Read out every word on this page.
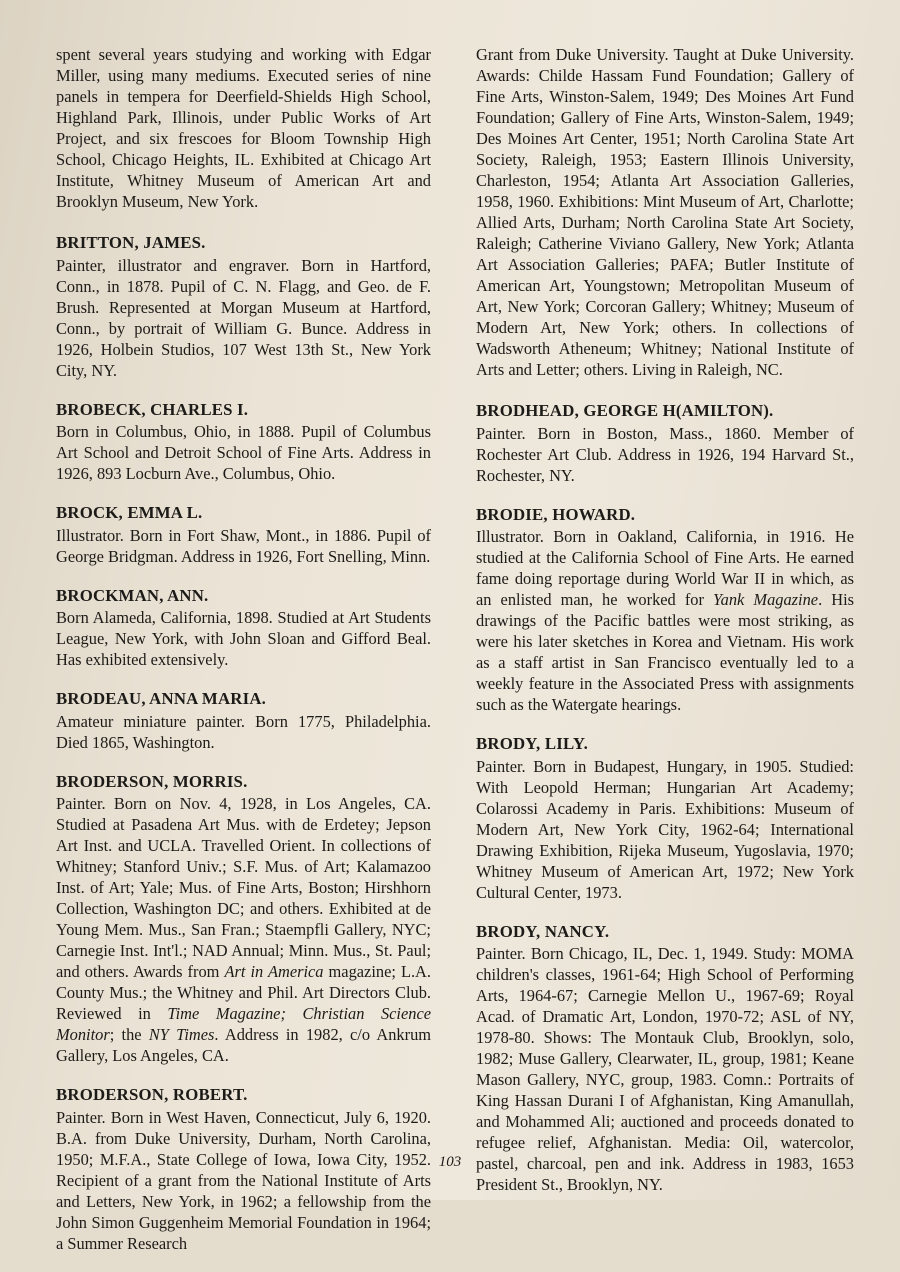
spent several years studying and working with Edgar Miller, using many mediums. Executed series of nine panels in tempera for Deerfield-Shields High School, Highland Park, Illinois, under Public Works of Art Project, and six frescoes for Bloom Township High School, Chicago Heights, IL. Exhibited at Chicago Art Institute, Whitney Museum of American Art and Brooklyn Museum, New York.

BRITTON, JAMES.

Painter, illustrator and engraver. Born in Hartford, Conn., in 1878. Pupil of C. N. Flagg, and Geo. de F. Brush. Represented at Morgan Museum at Hartford, Conn., by portrait of William G. Bunce. Address in 1926, Holbein Studios, 107 West 13th St., New York City, NY.

BROBECK, CHARLES I.

Born in Columbus, Ohio, in 1888. Pupil of Columbus Art School and Detroit School of Fine Arts. Address in 1926, 893 Locburn Ave., Columbus, Ohio.

BROCK, EMMA L.

Illustrator. Born in Fort Shaw, Mont., in 1886. Pupil of George Bridgman. Address in 1926, Fort Snelling, Minn.

BROCKMAN, ANN.

Born Alameda, California, 1898. Studied at Art Students League, New York, with John Sloan and Gifford Beal. Has exhibited extensively.

BRODEAU, ANNA MARIA.

Amateur miniature painter. Born 1775, Philadelphia. Died 1865, Washington.

BRODERSON, MORRIS.

Painter. Born on Nov. 4, 1928, in Los Angeles, CA. Studied at Pasadena Art Mus. with de Erdetey; Jepson Art Inst. and UCLA. Travelled Orient. In collections of Whitney; Stanford Univ.; S.F. Mus. of Art; Kalamazoo Inst. of Art; Yale; Mus. of Fine Arts, Boston; Hirshhorn Collection, Washington DC; and others. Exhibited at de Young Mem. Mus., San Fran.; Staempfli Gallery, NYC; Carnegie Inst. Int'l.; NAD Annual; Minn. Mus., St. Paul; and others. Awards from Art in America magazine; L.A. County Mus.; the Whitney and Phil. Art Directors Club. Reviewed in Time Magazine; Christian Science Monitor; the NY Times. Address in 1982, c/o Ankrum Gallery, Los Angeles, CA.

BRODERSON, ROBERT.

Painter. Born in West Haven, Connecticut, July 6, 1920. B.A. from Duke University, Durham, North Carolina, 1950; M.F.A., State College of Iowa, Iowa City, 1952. Recipient of a grant from the National Institute of Arts and Letters, New York, in 1962; a fellowship from the John Simon Guggenheim Memorial Foundation in 1964; a Summer Research

Grant from Duke University. Taught at Duke University. Awards: Childe Hassam Fund Foundation; Gallery of Fine Arts, Winston-Salem, 1949; Des Moines Art Fund Foundation; Gallery of Fine Arts, Winston-Salem, 1949; Des Moines Art Center, 1951; North Carolina State Art Society, Raleigh, 1953; Eastern Illinois University, Charleston, 1954; Atlanta Art Association Galleries, 1958, 1960. Exhibitions: Mint Museum of Art, Charlotte; Allied Arts, Durham; North Carolina State Art Society, Raleigh; Catherine Viviano Gallery, New York; Atlanta Art Association Galleries; PAFA; Butler Institute of American Art, Youngstown; Metropolitan Museum of Art, New York; Corcoran Gallery; Whitney; Museum of Modern Art, New York; others. In collections of Wadsworth Atheneum; Whitney; National Institute of Arts and Letter; others. Living in Raleigh, NC.

BRODHEAD, GEORGE H(AMILTON).

Painter. Born in Boston, Mass., 1860. Member of Rochester Art Club. Address in 1926, 194 Harvard St., Rochester, NY.

BRODIE, HOWARD.

Illustrator. Born in Oakland, California, in 1916. He studied at the California School of Fine Arts. He earned fame doing reportage during World War II in which, as an enlisted man, he worked for Yank Magazine. His drawings of the Pacific battles were most striking, as were his later sketches in Korea and Vietnam. His work as a staff artist in San Francisco eventually led to a weekly feature in the Associated Press with assignments such as the Watergate hearings.

BRODY, LILY.

Painter. Born in Budapest, Hungary, in 1905. Studied: With Leopold Herman; Hungarian Art Academy; Colarossi Academy in Paris. Exhibitions: Museum of Modern Art, New York City, 1962-64; International Drawing Exhibition, Rijeka Museum, Yugoslavia, 1970; Whitney Museum of American Art, 1972; New York Cultural Center, 1973.

BRODY, NANCY.

Painter. Born Chicago, IL, Dec. 1, 1949. Study: MOMA children's classes, 1961-64; High School of Performing Arts, 1964-67; Carnegie Mellon U., 1967-69; Royal Acad. of Dramatic Art, London, 1970-72; ASL of NY, 1978-80. Shows: The Montauk Club, Brooklyn, solo, 1982; Muse Gallery, Clearwater, IL, group, 1981; Keane Mason Gallery, NYC, group, 1983. Comn.: Portraits of King Hassan Durani I of Afghanistan, King Amanullah, and Mohammed Ali; auctioned and proceeds donated to refugee relief, Afghanistan. Media: Oil, watercolor, pastel, charcoal, pen and ink. Address in 1983, 1653 President St., Brooklyn, NY.

103
